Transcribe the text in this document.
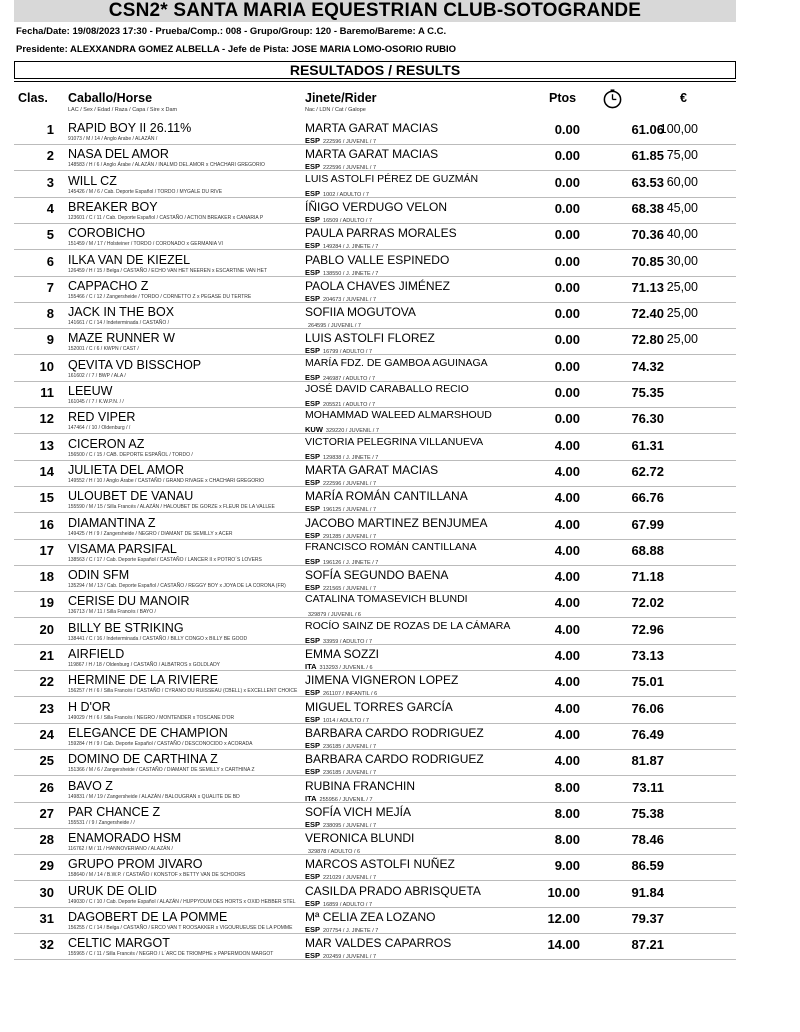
CSN2* SANTA MARIA EQUESTRIAN CLUB-SOTOGRANDE
Fecha/Date: 19/08/2023 17:30 - Prueba/Comp.: 008 - Grupo/Group: 120 - Baremo/Bareme: A C.C.
Presidente: ALEXXANDRA GOMEZ ALBELLA - Jefe de Pista: JOSE MARIA LOMO-OSORIO RUBIO
RESULTADOS / RESULTS
Clas. Caballo/Horse
LAC / Sex / Edad / Raza / Capa / Sire x Dam
Jinete/Rider
Nac / LDN / Cat / Galope
Ptos	€
1 RAPID BOY II 26.11%
91073 / M / 14 / Anglo Arabe / ALAZÁN /
MARTA GARAT MACIAS
ESP 222596 / JUVENIL / 7
0.00	61.06
100,00
2 NASA DEL AMOR
148583 / H / 6 / Anglo Árabe / ALAZÁN / INALMO DEL AMOR x CHACHARI GREGORIO
MARTA GARAT MACIAS
ESP 222596 / JUVENIL / 7
0.00	61.85 75,00
3 WILL CZ
145426 / M / 6 / Cab. Deporte Español / TORDO / MYGALE DU RIVE
LUIS ASTOLFI PÉREZ DE GUZMÁN
ESP 1002 / ADULTO / 7
0.00	63.53 60,00
4 BREAKER BOY
123601 / C / 11 / Cab. Deporte Español / CASTAÑO / ACTION BREAKER x CANARIA P
ÍÑIGO VERDUGO VELON
ESP 16509 / ADULTO / 7
0.00	68.38 45,00
5 COROBICHO
151459 / M / 17 / Holsteiner / TORDO / CORONADO x GERMANIA VI
PAULA PARRAS MORALES
ESP 149284 / J. JINETE / 7
0.00	70.36 40,00
6 ILKA VAN DE KIEZEL
126459 / H / 15 / Belga / CASTAÑO / ECHO VAN HET NEEREN x ESCARTINE VAN HET
PABLO VALLE ESPINEDO
ESP 138550 / J. JINETE / 7
0.00	70.85 30,00
7 CAPPACHO Z
155466 / C / 12 / Zangersheide / TORDO / CORNETTO Z x PEGASE DU TERTRE
PAOLA CHAVES JIMÉNEZ
ESP 204673 / JUVENIL / 7
0.00	71.13 25,00
8 JACK IN THE BOX
141661 / C / 14 / Indeterminada / CASTAÑO /
SOFIIA MOGUTOVA
264595 / JUVENIL / 7
0.00	72.40 25,00
9 MAZE RUNNER W
152001 / C / 6 / KWPN / CAST /
LUIS ASTOLFI FLOREZ
ESP 16799 / ADULTO / 7
0.00	72.80 25,00
10 QEVITA VD BISSCHOP
161602 / / 7 / BWP / ALA /
MARÍA FDZ. DE GAMBOA AGUINAGA
ESP 246987 / ADULTO / 7
0.00	74.32
11 LEEUW
161045 / / 7 / K.W.P.N. / /
JOSÉ DAVID CARABALLO RECIO
ESP 205521 / ADULTO / 7
0.00	75.35
12 RED VIPER
147464 / / 10 / Oldenburg / /
MOHAMMAD WALEED ALMARSHOUD
KUW 329220 / JUVENIL / 7
0.00	76.30
13 CICERON AZ
156500 / C / 15 / CAB. DEPORTE ESPAÑOL / TORDO /
VICTORIA PELEGRINA VILLANUEVA
ESP 129838 / J. JINETE / 7
4.00	61.31
14 JULIETA DEL AMOR
149552 / H / 10 / Anglo Árabe / CASTAÑO / GRAND RIVAGE x CHACHARI GREGORIO
MARTA GARAT MACIAS
ESP 222596 / JUVENIL / 7
4.00	62.72
15 ULOUBET DE VANAU
155590 / M / 15 / Silla Francés / ALAZÁN / HALOUBET DE GORZE x FLEUR DE LA VALLEE
MARÍA ROMÁN CANTILLANA
ESP 196125 / JUVENIL / 7
4.00	66.76
16 DIAMANTINA Z
149425 / H / 9 / Zangersheide / NEGRO / DIAMANT DE SEMILLY x ACER
JACOBO MARTINEZ BENJUMEA
ESP 291285 / JUVENIL / 7
4.00	67.99
17 VISAMA PARSIFAL
138563 / C / 17 / Cab. Deporte Español / CASTAÑO / LANCER II x POTRO´S LOVERS
FRANCISCO ROMÁN CANTILLANA
ESP 196126 / J. JINETE / 7
4.00	68.88
18 ODIN SFM
135294 / M / 13 / Cab. Deporte Español / CASTAÑO / REGGY BOY x JOYA DE LA CORONA (FR)
SOFÍA SEGUNDO BAENA
ESP 221565 / JUVENIL / 7
4.00	71.18
19 CERISE DU MANOIR
136713 / M / 11 / Silla Francés / BAYO /
CATALINA TOMASEVICH BLUNDI
329879 / JUVENIL / 6
4.00	72.02
20 BILLY BE STRIKING
138441 / C / 16 / Indeterminada / CASTAÑO / BILLY CONGO x BILLY BE GOOD
ROCÍO SAINZ DE ROZAS DE LA CÁMARA
ESP 33959 / ADULTO / 7
4.00	72.96
21 AIRFIELD
119867 / H / 18 / Oldenburg / CASTAÑO / ALBATROS x GOLDLADY
EMMA SOZZI
ITA 313293 / JUVENIL / 6
4.00	73.13
22 HERMINE DE LA RIVIERE
156257 / H / 6 / Silla Francés / CASTAÑO / CYRANO DU RUISSEAU (CBELL) x EXCELLENT CHOICE
JIMENA VIGNERON LOPEZ
ESP 261107 / INFANTIL / 6
4.00	75.01
23 H D'OR
149029 / H / 6 / Silla Francés / NEGRO / MONTENDER x TOSCANE D'OR
MIGUEL TORRES GARCÍA
ESP 1014 / ADULTO / 7
4.00	76.06
24 ELEGANCE DE CHAMPION
159284 / H / 9 / Cab. Deporte Español / CASTAÑO / DESCONOCIDO x ACORADA
BARBARA CARDO RODRIGUEZ
ESP 236185 / JUVENIL / 7
4.00	76.49
25 DOMINO DE CARTHINA Z
151366 / M / 6 / Zangersheide / CASTAÑO / DIAMANT DE SEMILLY x CARTHINA Z
BARBARA CARDO RODRIGUEZ
ESP 236185 / JUVENIL / 7
4.00	81.87
26 BAVO Z
149831 / M / 19 / Zangersheide / ALAZÁN / BALOUGRAN x QUALITE DE BD
RUBINA FRANCHIN
ITA 255956 / JUVENIL / 7
8.00	73.11
27 PAR CHANCE Z
155531 / / 9 / Zangersheide / /
SOFÍA VICH MEJÍA
ESP 238095 / JUVENIL / 7
8.00	75.38
28 ENAMORADO HSM
116762 / M / 11 / HANNOVERIANO / ALAZÁN /
VERONICA BLUNDI
329878 / ADULTO / 6
8.00	78.46
29 GRUPO PROM JIVARO
158640 / M / 14 / B.W.P. / CASTAÑO / KONSTOF x BETTY VAN DE SCHOORS
MARCOS ASTOLFI NUÑEZ
ESP 221029 / JUVENIL / 7
9.00	86.59
30 URUK DE OLID
149030 / C / 10 / Cab. Deporte Español / ALAZÁN / HUPPYDUM DES HORTS x OXID HEBBER STEL
CASILDA PRADO ABRISQUETA
ESP 16859 / ADULTO / 7
10.00	91.84
31 DAGOBERT DE LA POMME
156255 / C / 14 / Belga / CASTAÑO / ERCO VAN T ROOSAKKER x VIGOURUEUSE DE LA POMME
Mª CELIA ZEA LOZANO
ESP 207754 / J. JINETE / 7
12.00	79.37
32 CELTIC MARGOT
155965 / C / 11 / Silla Francés / NEGRO / L´ARC DE TRIOMPHE x PAPERMOON MARGOT
MAR VALDES CAPARROS
ESP 202459 / JUVENIL / 7
14.00	87.21
